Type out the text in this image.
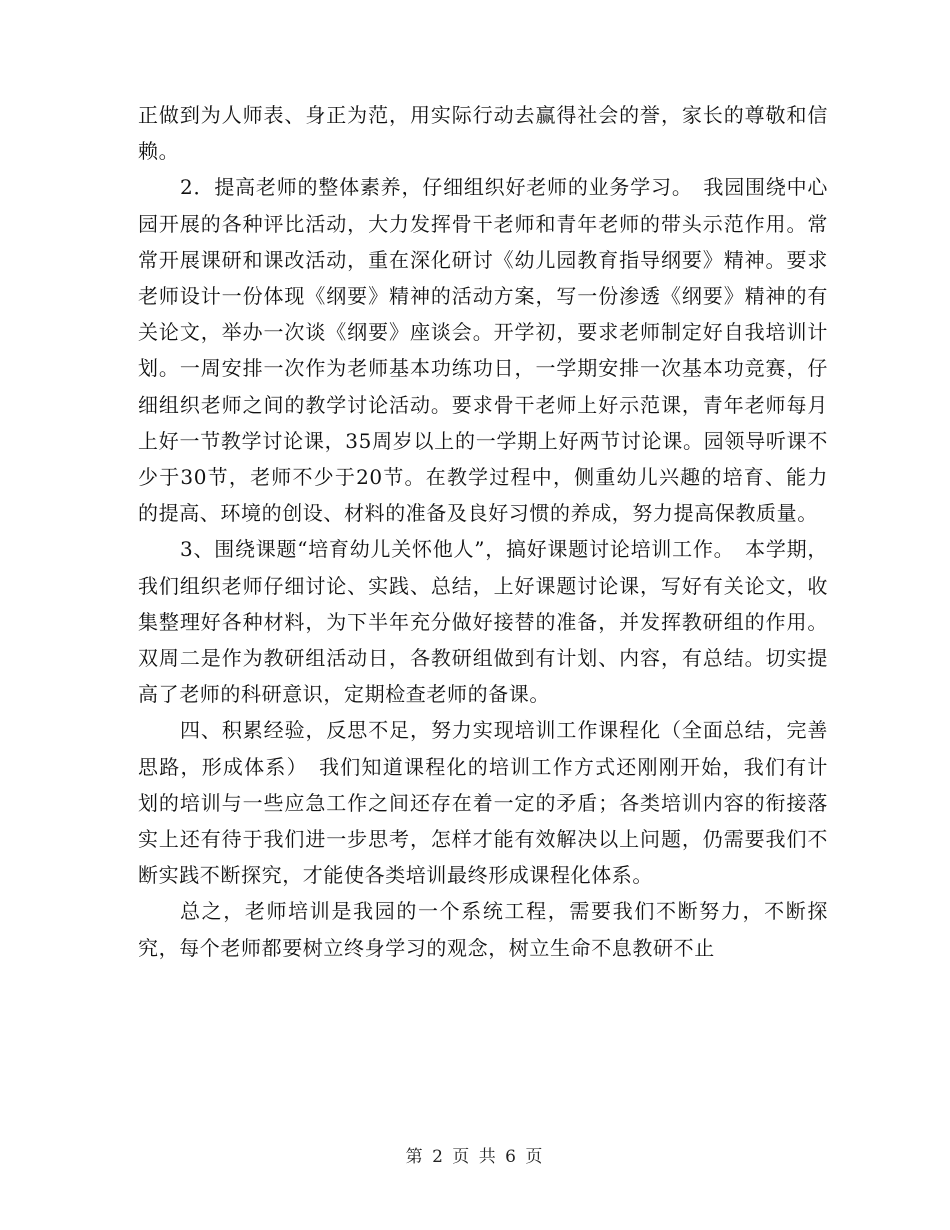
正做到为人师表、身正为范，用实际行动去赢得社会的誉，家长的尊敬和信赖。

2．提高老师的整体素养，仔细组织好老师的业务学习。　我园围绕中心园开展的各种评比活动，大力发挥骨干老师和青年老师的带头示范作用。常常开展课研和课改活动，重在深化研讨《幼儿园教育指导纲要》精神。要求老师设计一份体现《纲要》精神的活动方案，写一份渗透《纲要》精神的有关论文，举办一次谈《纲要》座谈会。开学初，要求老师制定好自我培训计划。一周安排一次作为老师基本功练功日，一学期安排一次基本功竞赛，仔细组织老师之间的教学讨论活动。要求骨干老师上好示范课，青年老师每月上好一节教学讨论课，35周岁以上的一学期上好两节讨论课。园领导听课不少于30节，老师不少于20节。在教学过程中，侧重幼儿兴趣的培育、能力的提高、环境的创设、材料的准备及良好习惯的养成，努力提高保教质量。

3、围绕课题“培育幼儿关怀他人”，搞好课题讨论培训工作。　本学期，我们组织老师仔细讨论、实践、总结，上好课题讨论课，写好有关论文，收集整理好各种材料，为下半年充分做好接替的准备，并发挥教研组的作用。双周二是作为教研组活动日，各教研组做到有计划、内容，有总结。切实提高了老师的科研意识，定期检查老师的备课。

四、积累经验，反思不足，努力实现培训工作课程化（全面总结，完善思路，形成体系）　我们知道课程化的培训工作方式还刚刚开始，我们有计划的培训与一些应急工作之间还存在着一定的矛盾；各类培训内容的衔接落实上还有待于我们进一步思考，怎样才能有效解决以上问题，仍需要我们不断实践不断探究，才能使各类培训最终形成课程化体系。

总之，老师培训是我园的一个系统工程，需要我们不断努力，不断探究，每个老师都要树立终身学习的观念，树立生命不息教研不止

第 2 页 共 6 页
